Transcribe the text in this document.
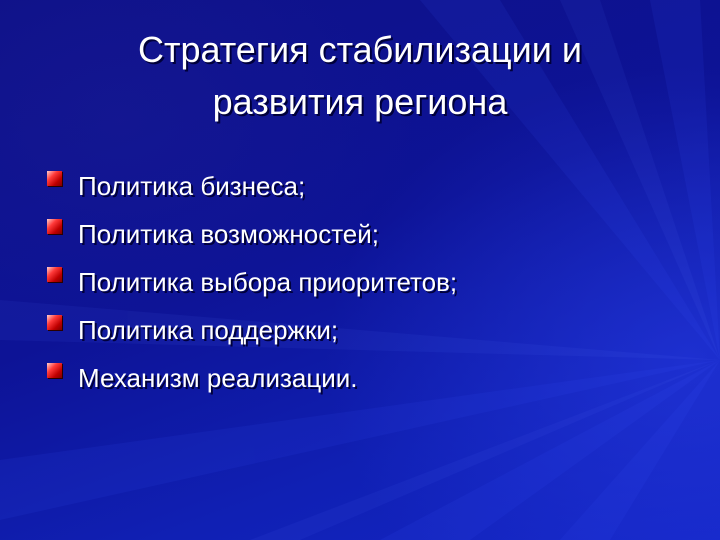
Стратегия стабилизации и
развития региона
Политика бизнеса;
Политика возможностей;
Политика выбора приоритетов;
Политика поддержки;
Механизм реализации.
